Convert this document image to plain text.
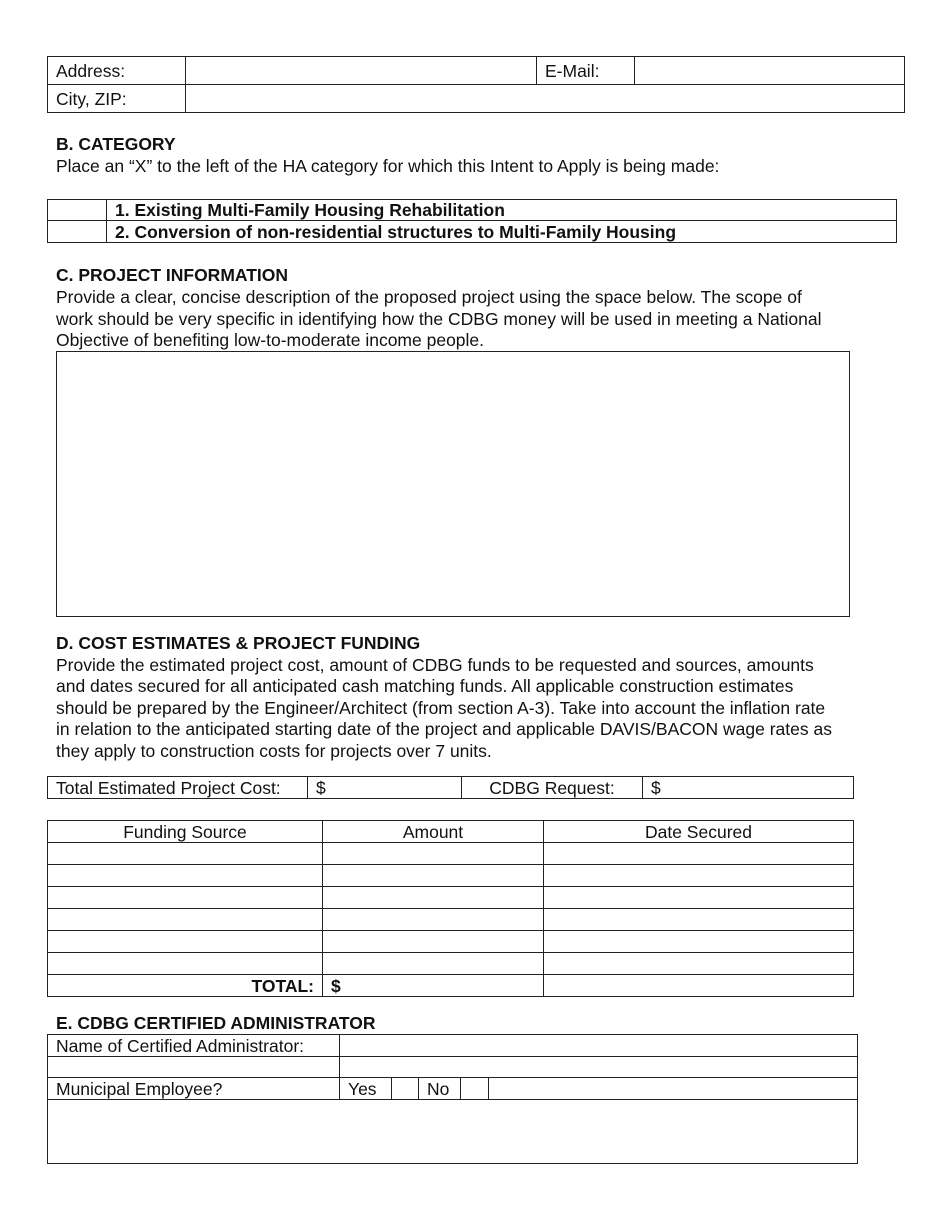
Address:		E-Mail:	
City, ZIP:			
B. CATEGORY
Place an “X” to the left of the HA category for which this Intent to Apply is being made:
	1. Existing Multi-Family Housing Rehabilitation
	2. Conversion of non-residential structures to Multi-Family Housing
C. PROJECT INFORMATION
Provide a clear, concise description of the proposed project using the space below. The scope of
work should be very specific in identifying how the CDBG money will be used in meeting a National
Objective of benefiting low-to-moderate income people.
D. COST ESTIMATES & PROJECT FUNDING
Provide the estimated project cost, amount of CDBG funds to be requested and sources, amounts
and dates secured for all anticipated cash matching funds. All applicable construction estimates
should be prepared by the Engineer/Architect (from section A-3). Take into account the inflation rate
in relation to the anticipated starting date of the project and applicable DAVIS/BACON wage rates as
they apply to construction costs for projects over 7 units.
Total Estimated Project Cost:	$	CDBG Request:	$
Funding Source	Amount	Date Secured

TOTAL:	$	
E. CDBG CERTIFIED ADMINISTRATOR
Name of Certified Administrator:					

Municipal Employee?	Yes		No		
